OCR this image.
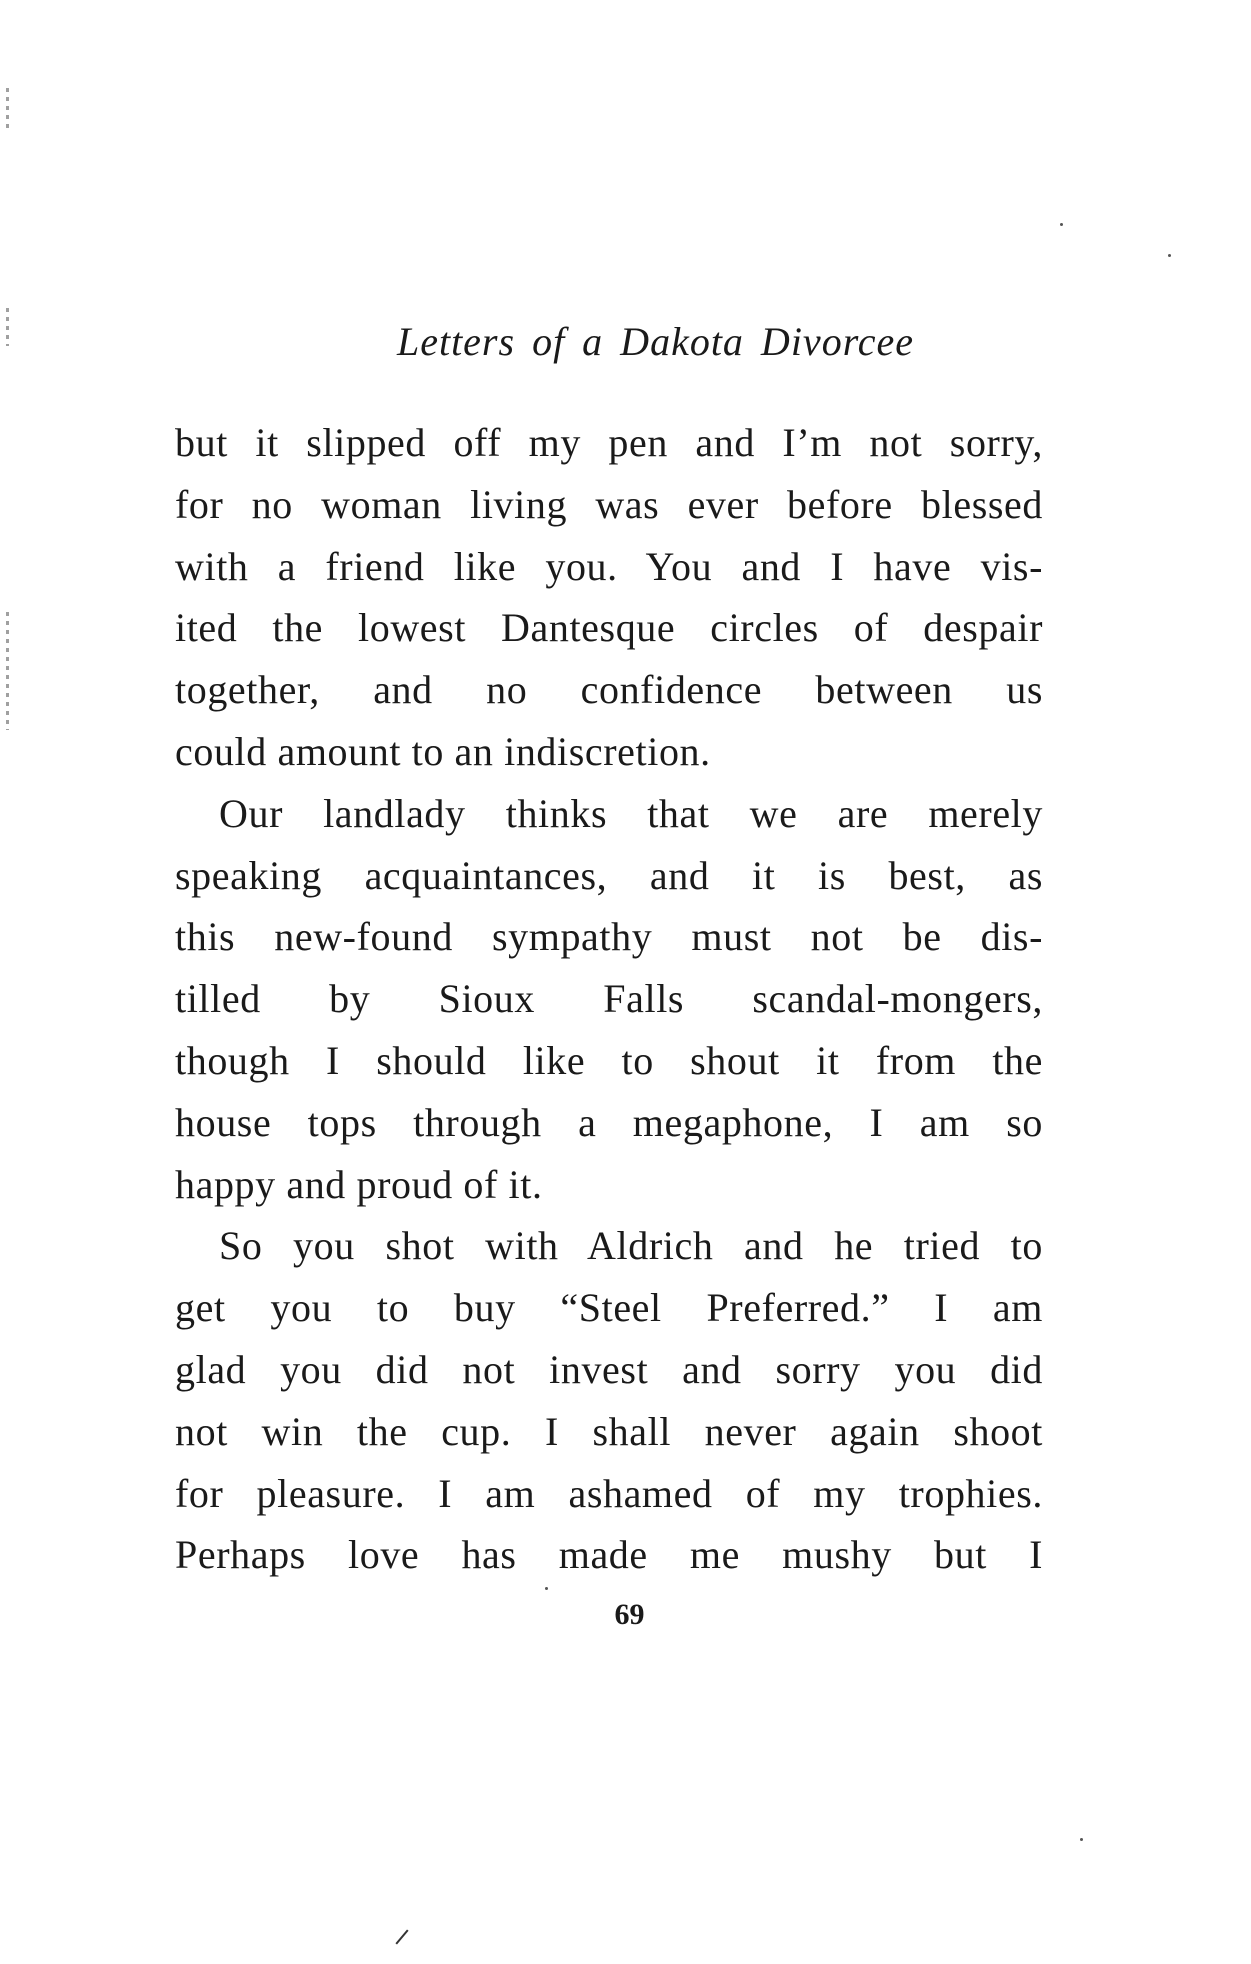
Letters of a Dakota Divorcee
but it slipped off my pen and I’m not sorry,
for no woman living was ever before blessed
with a friend like you. You and I have vis-
ited the lowest Dantesque circles of despair
together, and no confidence between us
could amount to an indiscretion.
Our landlady thinks that we are merely
speaking acquaintances, and it is best, as
this new-found sympathy must not be dis-
tilled by Sioux Falls scandal-mongers,
though I should like to shout it from the
house tops through a megaphone, I am so
happy and proud of it.
So you shot with Aldrich and he tried to
get you to buy “Steel Preferred.” I am
glad you did not invest and sorry you did
not win the cup. I shall never again shoot
for pleasure. I am ashamed of my trophies.
Perhaps love has made me mushy but I
69
